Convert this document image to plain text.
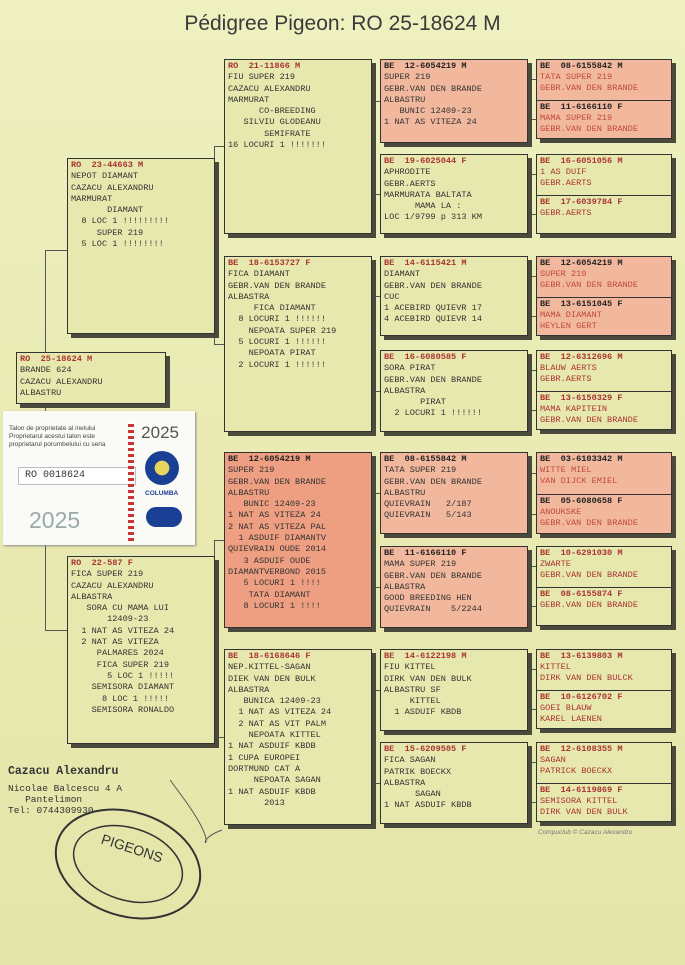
Pédigree Pigeon: RO 25-18624 M
RO  25-18624 M
BRANDE 624
CAZACU ALEXANDRU
ALBASTRU
RO  23-44663 M
NEPOT DIAMANT
CAZACU ALEXANDRU
MARMURAT
DIAMANT
8 LOC 1 !!!!!!!!!
SUPER 219
5 LOC 1 !!!!!!!!
RO  22-587 F
FICA SUPER 219
CAZACU ALEXANDRU
ALBASTRA
SORA CU MAMA LUI
12409-23
1 NAT AS VITEZA 24
2 NAT AS VITEZA
PALMARES 2024
FICA SUPER 219
5 LOC 1 !!!!!
SEMISORA DIAMANT
8 LOC 1 !!!!!
SEMISORA RONALDO
RO  21-11866 M
FIU SUPER 219
CAZACU ALEXANDRU
MARMURAT
CO-BREEDING
SILVIU GLODEANU
SEMIFRATE
16 LOCURI 1 !!!!!!!
BE  18-6153727 F
FICA DIAMANT
GEBR.VAN DEN BRANDE
ALBASTRA
FICA DIAMANT
8 LOCURI 1 !!!!!!
NEPOATA SUPER 219
5 LOCURI 1 !!!!!!
NEPOATA PIRAT
2 LOCURI 1 !!!!!!
BE  12-6054219 M
SUPER 219
GEBR.VAN DEN BRANDE
ALBASTRU
BUNIC 12409-23
1 NAT AS VITEZA 24
2 NAT AS VITEZA PAL
1 ASDUIF DIAMANTV
QUIEVRAIN OUDE 2014
3 ASDUIF OUDE
DIAMANTVERBOND 2015
5 LOCURI 1 !!!!
TATA DIAMANT
8 LOCURI 1 !!!!
BE  18-6168646 F
NEP.KITTEL-SAGAN
DIEK VAN DEN BULK
ALBASTRA
BUNICA 12409-23
1 NAT AS VITEZA 24
2 NAT AS VIT PALM
NEPOATA KITTEL
1 NAT ASDUIF KBDB
1 CUPA EUROPEI
DORTMUND CAT A
NEPOATA SAGAN
1 NAT ASDUIF KBDB
2013
BE  12-6054219 M
SUPER 219
GEBR.VAN DEN BRANDE
ALBASTRU
BUNIC 12409-23
1 NAT AS VITEZA 24
BE  19-6025044 F
APHRODITE
GEBR.AERTS
MARMURATA BALTATA
MAMA LA :
LOC 1/9799 p 313 KM
BE  14-6115421 M
DIAMANT
GEBR.VAN DEN BRANDE
CUC
1 ACEBIRD QUIEVR 17
4 ACEBIRD QUIEVR 14
BE  16-6080585 F
SORA PIRAT
GEBR.VAN DEN BRANDE
ALBASTRA
PIRAT
2 LOCURI 1 !!!!!!
BE  08-6155842 M
TATA SUPER 219
GEBR.VAN DEN BRANDE
ALBASTRU
QUIEVRAIN   2/187
QUIEVRAIN   5/143
BE  11-6166110 F
MAMA SUPER 219
GEBR.VAN DEN BRANDE
ALBASTRA
GOOD BREEDING HEN
QUIEVRAIN    5/2244
BE  14-6122198 M
FIU KITTEL
DIRK VAN DEN BULK
ALBASTRU SF
KITTEL
1 ASDUIF KBDB
BE  15-6209505 F
FICA SAGAN
PATRIK BOECKX
ALBASTRA
SAGAN
1 NAT ASDUIF KBDB
BE  08-6155842 M
TATA SUPER 219
GEBR.VAN DEN BRANDE
BE  11-6166110 F
MAMA SUPER 219
GEBR.VAN DEN BRANDE
BE  16-6051056 M
1 AS DUIF
GEBR.AERTS
BE  17-6039784 F
GEBR.AERTS
BE  12-6054219 M
SUPER 219
GEBR.VAN DEN BRANDE
BE  13-6151045 F
MAMA DIAMANT
HEYLEN GERT
BE  12-6312696 M
BLAUW AERTS
GEBR.AERTS
BE  13-6150329 F
MAMA KAPITEIN
GEBR.VAN DEN BRANDE
BE  03-6103342 M
WITTE MIEL
VAN DIJCK EMIEL
BE  05-6080658 F
ANOUKSKE
GEBR.VAN DEN BRANDE
BE  10-6291030 M
ZWARTE
GEBR.VAN DEN BRANDE
BE  08-6155874 F
GEBR.VAN DEN BRANDE
BE  13-6139803 M
KITTEL
DIRK VAN DEN BULCK
BE  10-6126702 F
GOEI BLAUW
KAREL LAENEN
BE  12-6108355 M
SAGAN
PATRICK BOECKX
BE  14-6119869 F
SEMISORA KITTEL
DIRK VAN DEN BULK
Talon de proprietate al inelului Proprietarul acestui talon este proprietarul porumbelului cu seria
2025
RO 0018624
2025
COLUMBA
Cazacu Alexandru
Nicolae Balcescu 4 A
Pantelimon
Tel: 0744309930
PIGEONS	Compuclub © Cazacu Alexandru
